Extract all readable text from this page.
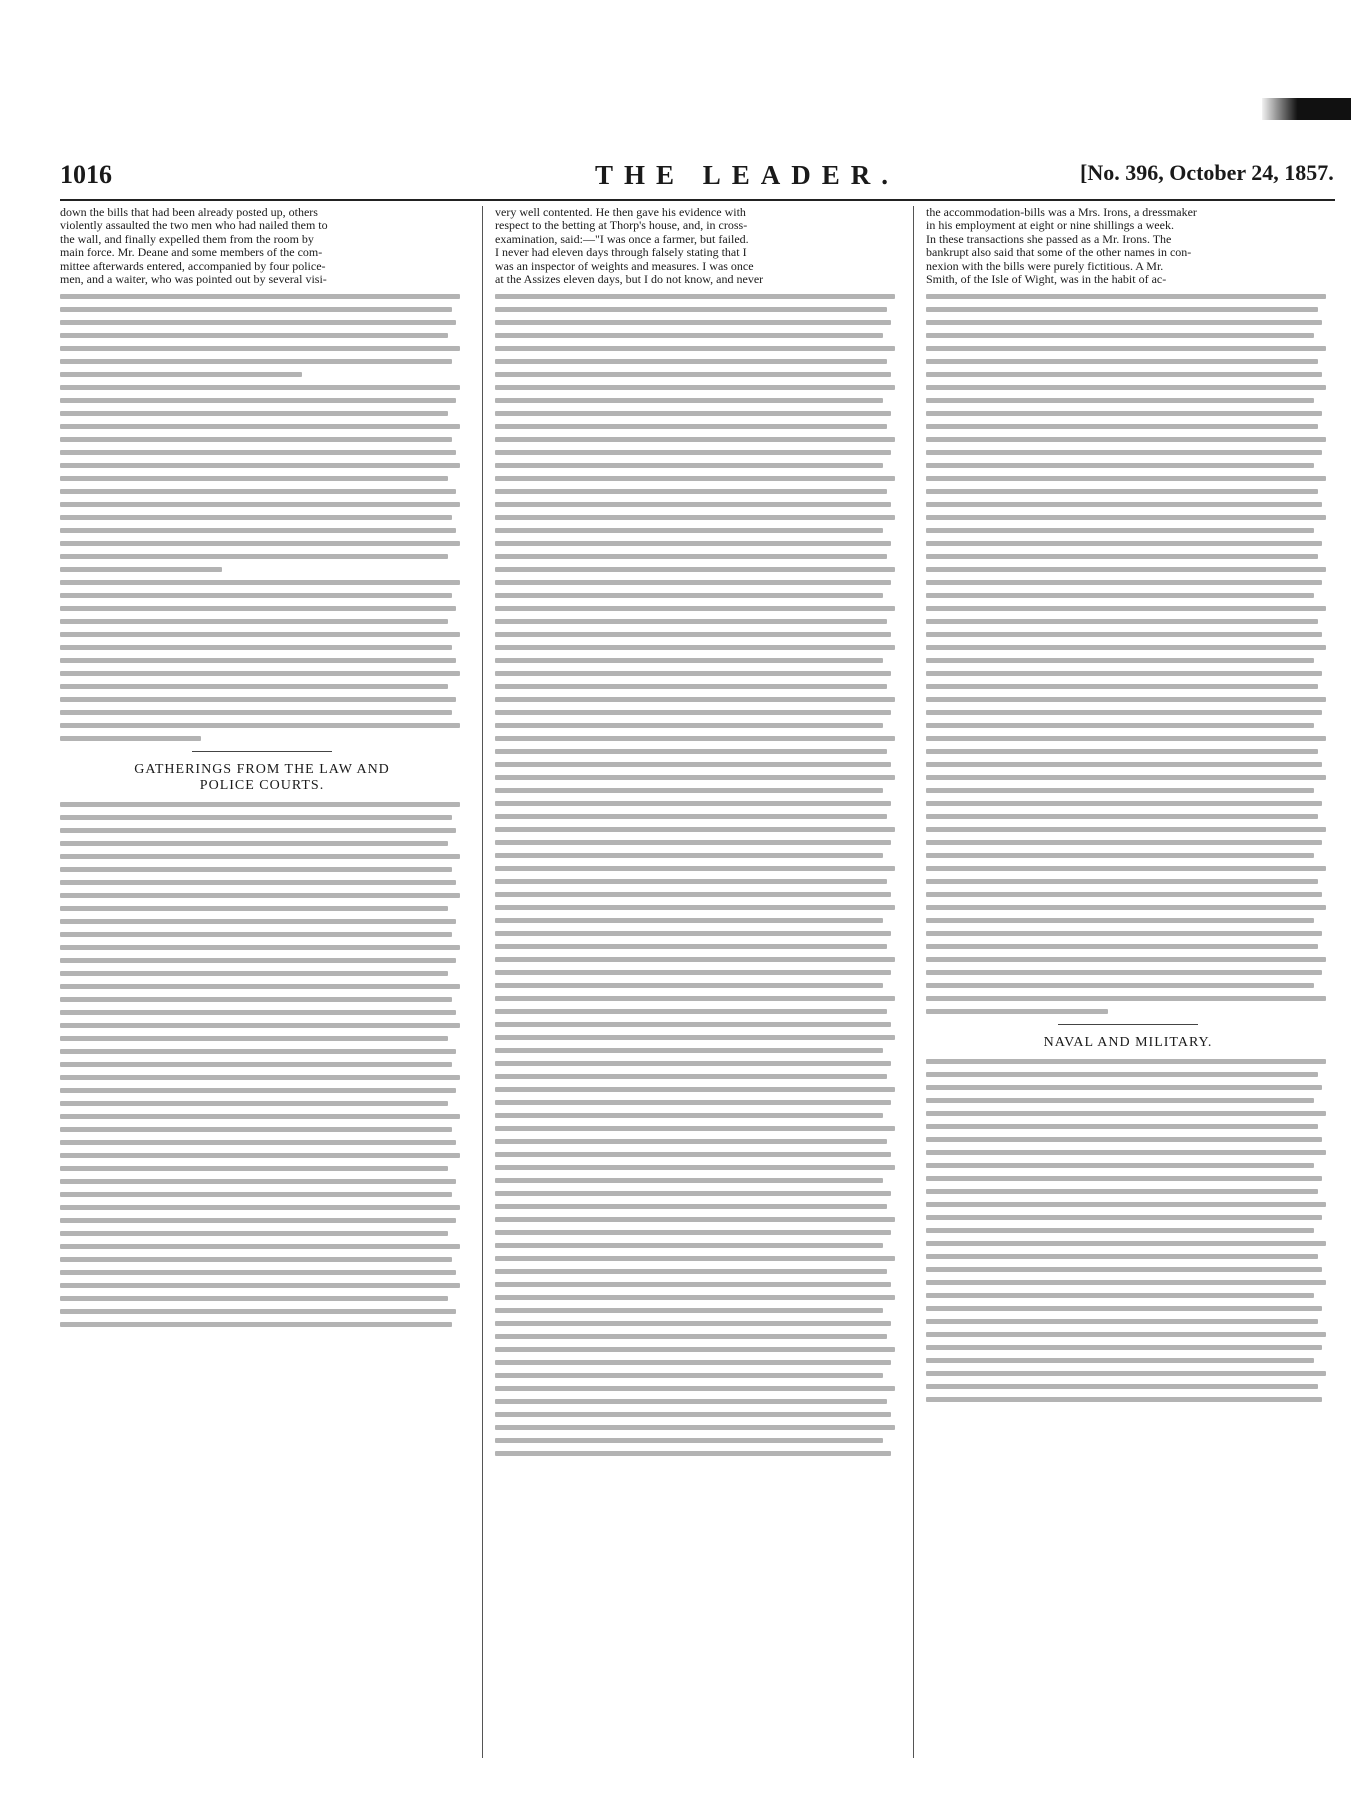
1016	THE LEADER.	[No. 396, October 24, 1857.
down the bills that had been already posted up, others
violently assaulted the two men who had nailed them to
the wall, and finally expelled them from the room by
main force. Mr. Deane and some members of the com-
mittee afterwards entered, accompanied by four police-
men, and a waiter, who was pointed out by several visi-
GATHERINGS FROM THE LAW AND
POLICE COURTS.
very well contented. He then gave his evidence with
respect to the betting at Thorp's house, and, in cross-
examination, said:—"I was once a farmer, but failed.
I never had eleven days through falsely stating that I
was an inspector of weights and measures. I was once
at the Assizes eleven days, but I do not know, and never
the accommodation-bills was a Mrs. Irons, a dressmaker
in his employment at eight or nine shillings a week.
In these transactions she passed as a Mr. Irons. The
bankrupt also said that some of the other names in con-
nexion with the bills were purely fictitious. A Mr.
Smith, of the Isle of Wight, was in the habit of ac-
NAVAL AND MILITARY.
